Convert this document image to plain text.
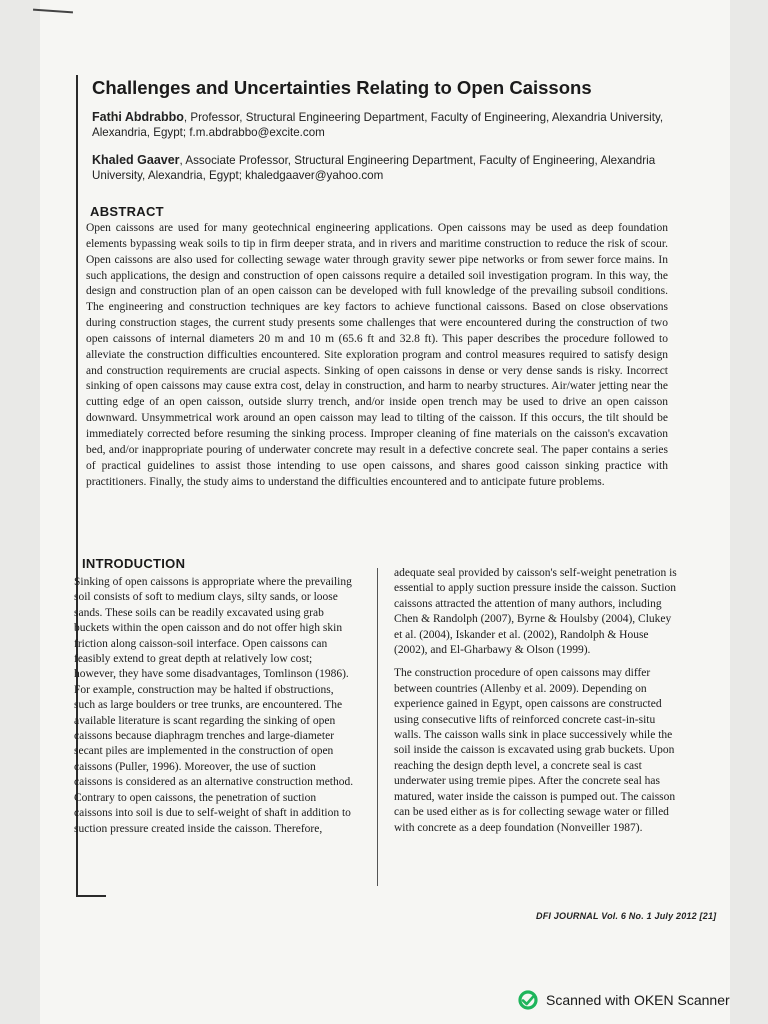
Challenges and Uncertainties Relating to Open Caissons

Fathi Abdrabbo, Professor, Structural Engineering Department, Faculty of Engineering, Alexandria University, Alexandria, Egypt; f.m.abdrabbo@excite.com

Khaled Gaaver, Associate Professor, Structural Engineering Department, Faculty of Engineering, Alexandria University, Alexandria, Egypt; khaledgaaver@yahoo.com

ABSTRACT

Open caissons are used for many geotechnical engineering applications. Open caissons may be used as deep foundation elements bypassing weak soils to tip in firm deeper strata, and in rivers and maritime construction to reduce the risk of scour. Open caissons are also used for collecting sewage water through gravity sewer pipe networks or from sewer force mains. In such applications, the design and construction of open caissons require a detailed soil investigation program. In this way, the design and construction plan of an open caisson can be developed with full knowledge of the prevailing subsoil conditions. The engineering and construction techniques are key factors to achieve functional caissons. Based on close observations during construction stages, the current study presents some challenges that were encountered during the construction of two open caissons of internal diameters 20 m and 10 m (65.6 ft and 32.8 ft). This paper describes the procedure followed to alleviate the construction difficulties encountered. Site exploration program and control measures required to satisfy design and construction requirements are crucial aspects. Sinking of open caissons in dense or very dense sands is risky. Incorrect sinking of open caissons may cause extra cost, delay in construction, and harm to nearby structures. Air/water jetting near the cutting edge of an open caisson, outside slurry trench, and/or inside open trench may be used to drive an open caisson downward. Unsymmetrical work around an open caisson may lead to tilting of the caisson. If this occurs, the tilt should be immediately corrected before resuming the sinking process. Improper cleaning of fine materials on the caisson's excavation bed, and/or inappropriate pouring of underwater concrete may result in a defective concrete seal. The paper contains a series of practical guidelines to assist those intending to use open caissons, and shares good caisson sinking practice with practitioners. Finally, the study aims to understand the difficulties encountered and to anticipate future problems.

INTRODUCTION

Sinking of open caissons is appropriate where the prevailing soil consists of soft to medium clays, silty sands, or loose sands. These soils can be readily excavated using grab buckets within the open caisson and do not offer high skin friction along caisson-soil interface. Open caissons can feasibly extend to great depth at relatively low cost; however, they have some disadvantages, Tomlinson (1986). For example, construction may be halted if obstructions, such as large boulders or tree trunks, are encountered. The available literature is scant regarding the sinking of open caissons because diaphragm trenches and large-diameter secant piles are implemented in the construction of open caissons (Puller, 1996). Moreover, the use of suction caissons is considered as an alternative construction method. Contrary to open caissons, the penetration of suction caissons into soil is due to self-weight of shaft in addition to suction pressure created inside the caisson. Therefore,

adequate seal provided by caisson's self-weight penetration is essential to apply suction pressure inside the caisson. Suction caissons attracted the attention of many authors, including Chen & Randolph (2007), Byrne & Houlsby (2004), Clukey et al. (2004), Iskander et al. (2002), Randolph & House (2002), and El-Gharbawy & Olson (1999).

The construction procedure of open caissons may differ between countries (Allenby et al. 2009). Depending on experience gained in Egypt, open caissons are constructed using consecutive lifts of reinforced concrete cast-in-situ walls. The caisson walls sink in place successively while the soil inside the caisson is excavated using grab buckets. Upon reaching the design depth level, a concrete seal is cast underwater using tremie pipes. After the concrete seal has matured, water inside the caisson is pumped out. The caisson can be used either as is for collecting sewage water or filled with concrete as a deep foundation (Nonveiller 1987).

DFI JOURNAL Vol. 6 No. 1 July 2012 [21]

Scanned with OKEN Scanner
